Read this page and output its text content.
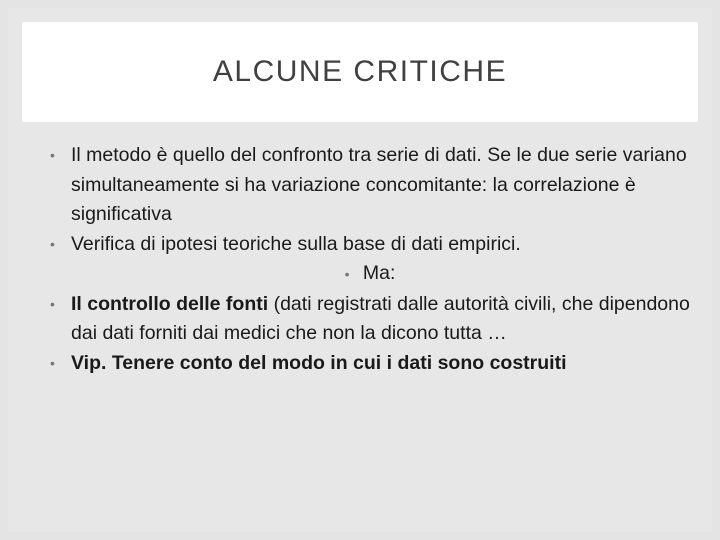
ALCUNE CRITICHE
• Il metodo è quello del confronto tra serie di dati. Se le due serie variano simultaneamente si ha variazione concomitante: la correlazione è significativa
• Verifica di ipotesi teoriche sulla base di dati empirici.
• Ma:
• Il controllo delle fonti (dati registrati dalle autorità civili, che dipendono dai dati forniti dai medici che non la dicono tutta …
• Vip. Tenere conto del modo in cui i dati sono costruiti
